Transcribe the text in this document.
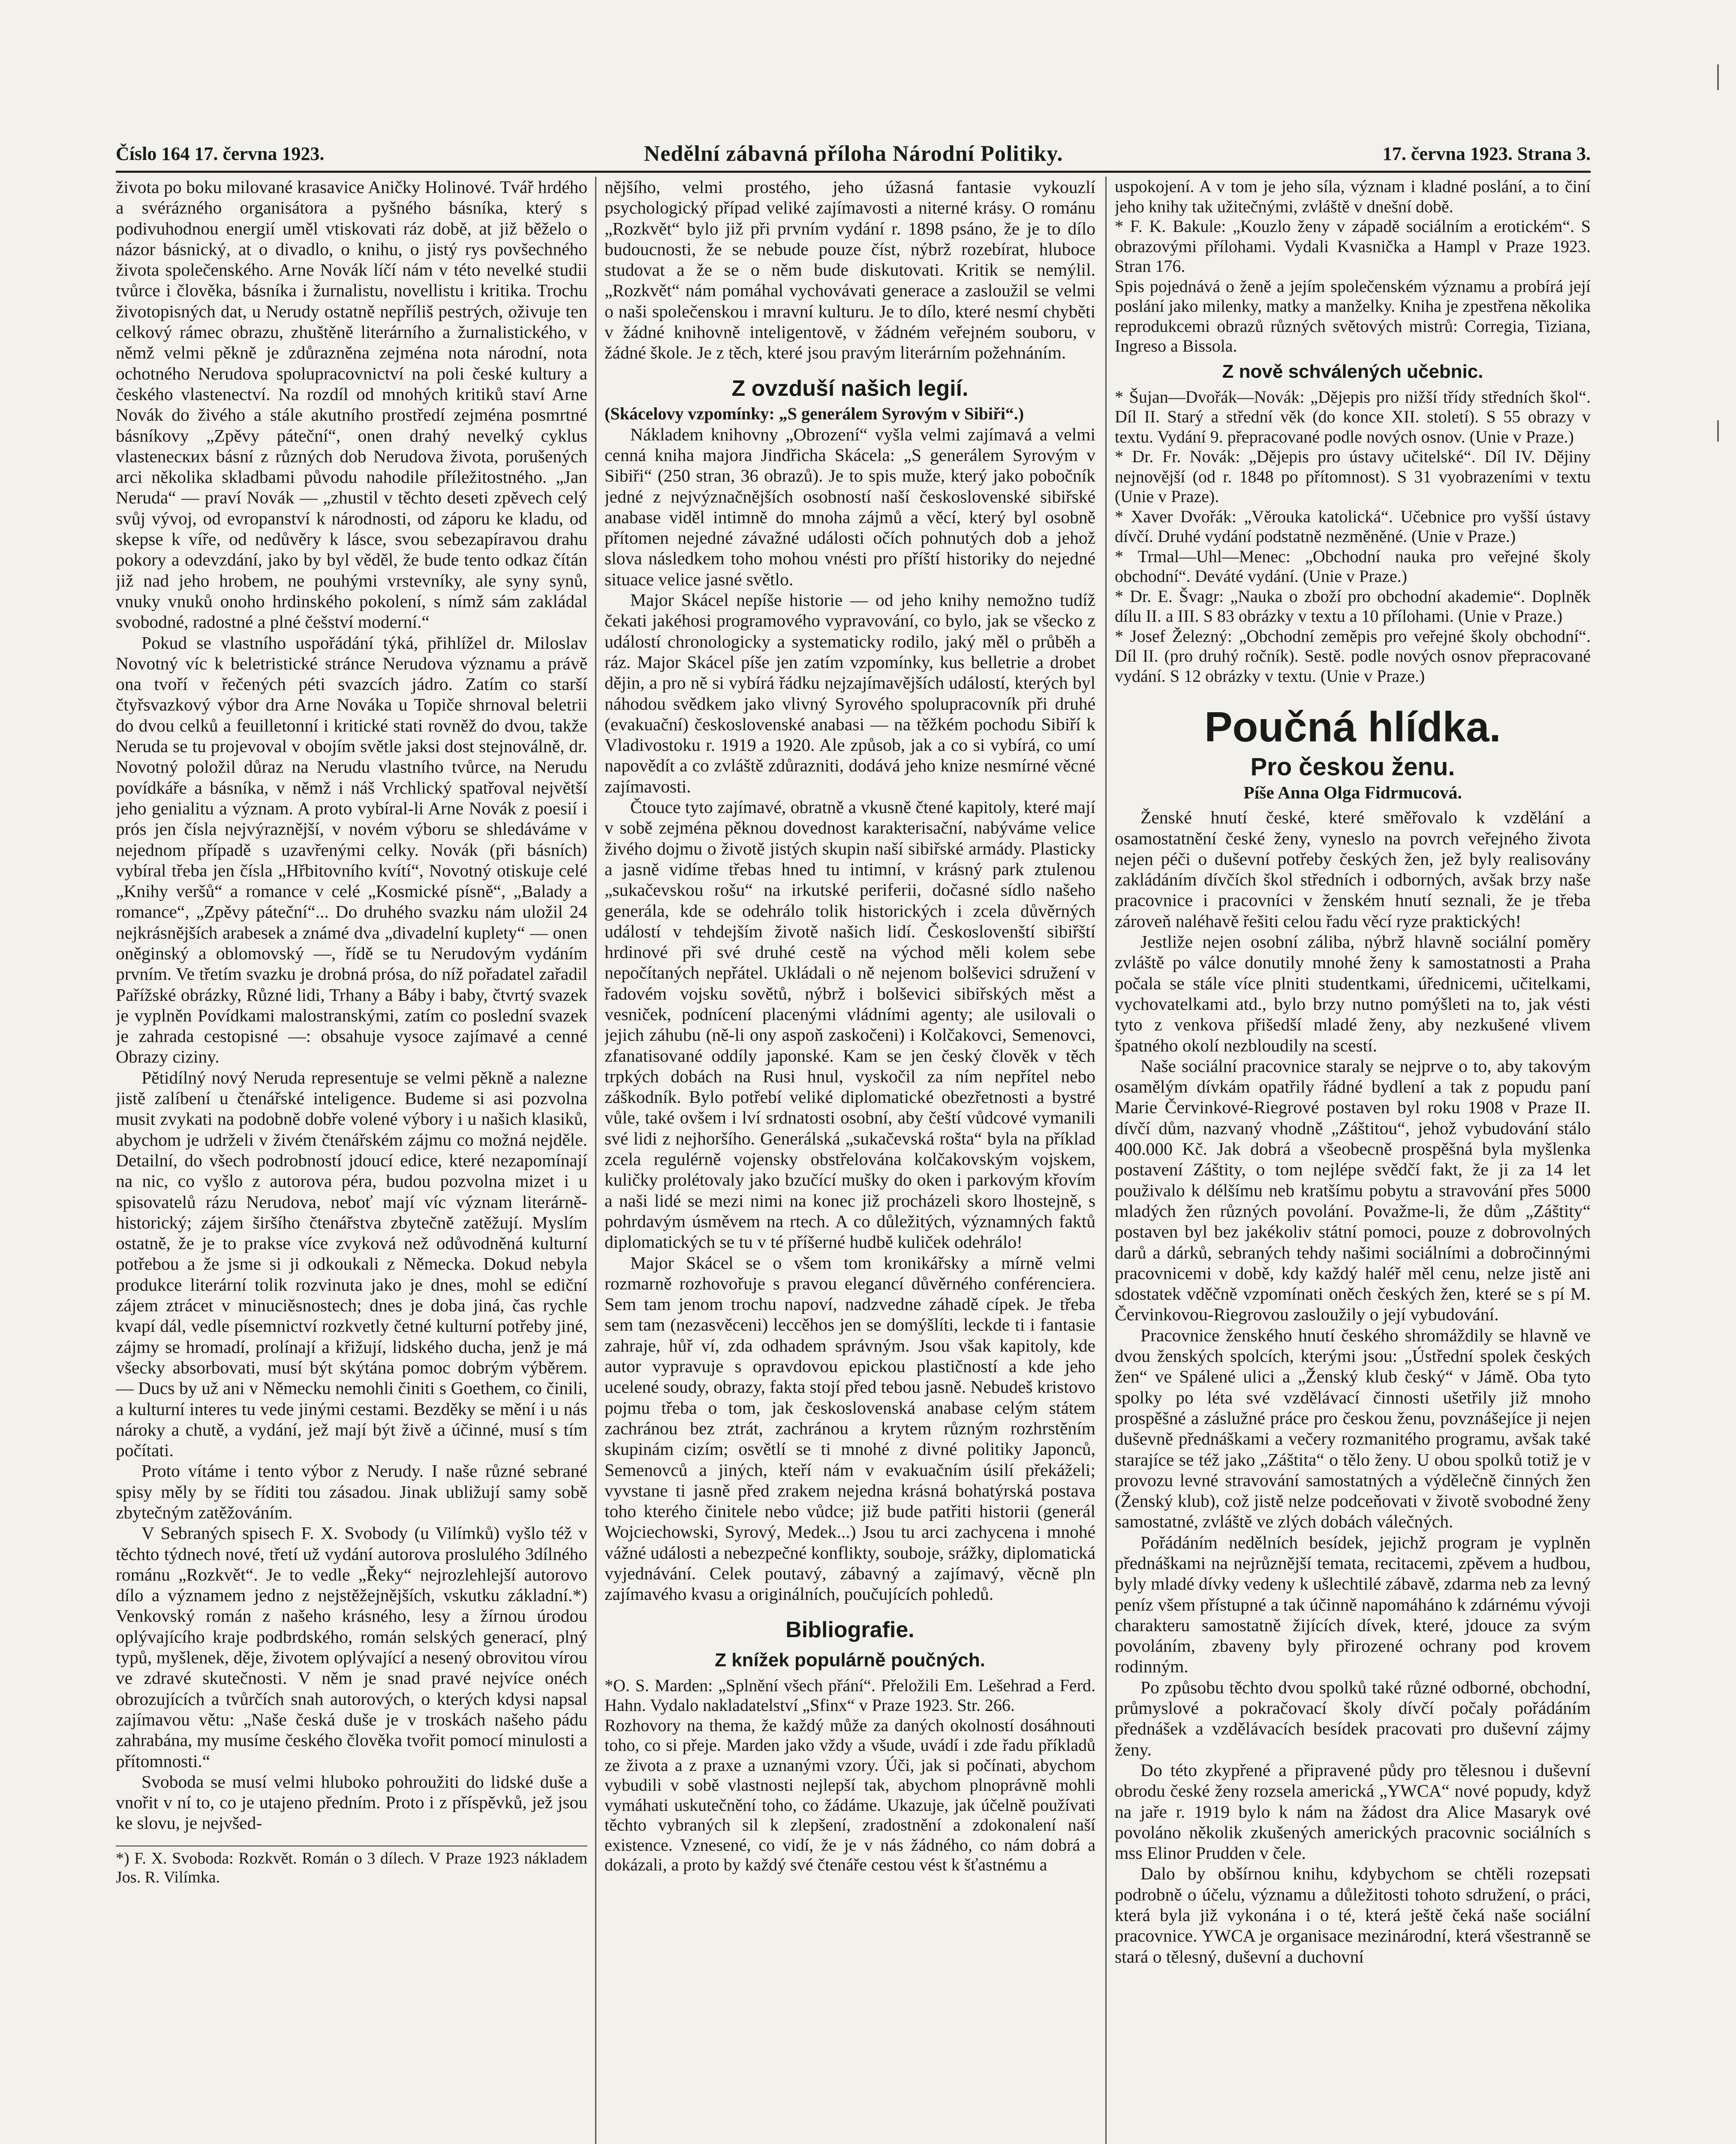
Číslo 164 17. června 1923.	Nedělní zábavná příloha Národní Politiky.	17. června 1923. Strana 3.

života po boku milované krasavice Aničky Holinové. Tvář hrdého a svérázného organisátora a pyšného básníka, který s podivuhodnou energií uměl vtiskovati ráz době, at již běželo o názor básnický, at o divadlo, o knihu, o jistý rys povšechného života společenského. Arne Novák líčí nám v této nevelké studii tvůrce i člověka, básníka i žurnalistu, novellistu i kritika. Trochu životopisných dat, u Nerudy ostatně nepříliš pestrých, oživuje ten celkový rámec obrazu, zhuštěně literárního a žurnalistického, v němž velmi pěkně je zdůrazněna zejména nota národní, nota ochotného Nerudova spolupracovnictví na poli české kultury a českého vlastenectví. Na rozdíl od mnohých kritiků staví Arne Novák do živého a stále akutního prostředí zejména posmrtné básníkovy „Zpěvy páteční“, onen drahý nevelký cyklus vlastenecких básní z různých dob Nerudova života, porušených arci několika skladbami původu nahodile příležitostného. „Jan Neruda“ — praví Novák — „zhustil v těchto deseti zpěvech celý svůj vývoj, od evropanství k národnosti, od záporu ke kladu, od skepse k víře, od nedůvěry k lásce, svou sebezapíravou drahu pokory a odevzdání, jako by byl věděl, že bude tento odkaz čítán již nad jeho hrobem, ne pouhými vrstevníky, ale syny synů, vnuky vnuků onoho hrdinského pokolení, s nímž sám zakládal svobodné, radostné a plné češství moderní.“

Pokud se vlastního uspořádání týká, přihlížel dr. Miloslav Novotný víc k beletristické stránce Nerudova významu a právě ona tvoří v řečených péti svazcích jádro. Zatím co starší čtyřsvazkový výbor dra Arne Nováka u Topiče shrnoval beletrii do dvou celků a feuilletonní i kritické stati rovněž do dvou, takže Neruda se tu projevoval v obojím světle jaksi dost stejnoválně, dr. Novotný položil důraz na Nerudu vlastního tvůrce, na Nerudu povídkáře a básníka, v němž i náš Vrchlický spatřoval největší jeho genialitu a význam. A proto vybíral-li Arne Novák z poesií i prós jen čísla nejvýraznější, v novém výboru se shledáváme v nejednom případě s uzavřenými celky. Novák (při básních) vybíral třeba jen čísla „Hřbitovního kvítí“, Novotný otiskuje celé „Knihy veršů“ a romance v celé „Kosmické písně“, „Balady a romance“, „Zpěvy páteční“... Do druhého svazku nám uložil 24 nejkrásnějších arabesek a známé dva „divadelní kuplety“ — onen oněginský a oblomovský —, řídě se tu Nerudovým vydáním prvním. Ve třetím svazku je drobná prósa, do níž pořadatel zařadil Pařížské obrázky, Různé lidi, Trhany a Báby i baby, čtvrtý svazek je vyplněn Povídkami malostranskými, zatím co poslední svazek je zahrada cestopisné —: obsahuje vysoce zajímavé a cenné Obrazy ciziny.

Pětidílný nový Neruda representuje se velmi pěkně a nalezne jistě zalíbení u čtenářské inteligence. Budeme si asi pozvolna musit zvykati na podobně dobře volené výbory i u našich klasiků, abychom je udrželi v živém čtenářském zájmu co možná nejděle. Detailní, do všech podrobností jdoucí edice, které nezapomínají na nic, co vyšlo z autorova péra, budou pozvolna mizet i u spisovatelů rázu Nerudova, neboť mají víc význam literárně-historický; zájem širšího čtenářstva zbytečně zatěžují. Myslím ostatně, že je to prakse více zvyková než odůvodněná kulturní potřebou a že jsme si ji odkoukali z Německa. Dokud nebyla produkce literární tolik rozvinuta jako je dnes, mohl se ediční zájem ztrácet v minuciěsnostech; dnes je doba jiná, čas rychle kvapí dál, vedle písemnictví rozkvetly četné kulturní potřeby jiné, zájmy se hromadí, prolínají a křižují, lidského ducha, jenž je má všecky absorbovati, musí být skýtána pomoc dobrým výběrem. — Ducs by už ani v Německu nemohli činiti s Goethem, co činili, a kulturní interes tu vede jinými cestami. Bezděky se mění i u nás nároky a chutě, a vydání, jež mají být živě a účinné, musí s tím počítati.

Proto vítáme i tento výbor z Nerudy. I naše různé sebrané spisy měly by se říditi tou zásadou. Jinak ubližují samy sobě zbytečným zatěžováním.

V Sebraných spisech F. X. Svobody (u Vilímků) vyšlo též v těchto týdnech nové, třetí už vydání autorova proslulého 3dílného románu „Rozkvět“. Je to vedle „Řeky“ nejrozlehlejší autorovo dílo a významem jedno z nejstěžejnějších, vskutku základní.*) Venkovský román z našeho krásného, lesy a žírnou úrodou oplývajícího kraje podbrdského, román selských generací, plný typů, myšlenek, děje, životem oplývající a nesený obrovitou vírou ve zdravé skutečnosti. V něm je snad pravé nejvíce onéch obrozujících a tvůrčích snah autorových, o kterých kdysi napsal zajímavou větu: „Naše česká duše je v troskách našeho pádu zahrabána, my musíme českého člověka tvořit pomocí minulosti a přítomnosti.“

Svoboda se musí velmi hluboko pohroužiti do lidské duše a vnořit v ní to, co je utajeno předním. Proto i z příspěvků, jež jsou ke slovu, je nejvšed-

*) F. X. Svoboda: Rozkvět. Román o 3 dílech. V Praze 1923 nákladem Jos. R. Vilímka.

nějšího, velmi prostého, jeho úžasná fantasie vykouzlí psychologický případ veliké zajímavosti a niterné krásy. O románu „Rozkvět“ bylo již při prvním vydání r. 1898 psáno, že je to dílo budoucnosti, že se nebude pouze číst, nýbrž rozebírat, hluboce studovat a že se o něm bude diskutovati. Kritik se nemýlil. „Rozkvět“ nám pomáhal vychovávati generace a zasloužil se velmi o naši společenskou i mravní kulturu. Je to dílo, které nesmí chyběti v žádné knihovně inteligentově, v žádném veřejném souboru, v žádné škole. Je z těch, které jsou pravým literárním požehnáním.

Z ovzduší našich legií.

(Skácelovy vzpomínky: „S generálem Syrovým v Sibiři“.)

Nákladem knihovny „Obrození“ vyšla velmi zajímavá a velmi cenná kniha majora Jindřicha Skácela: „S generálem Syrovým v Sibiři“ (250 stran, 36 obrazů). Je to spis muže, který jako pobočník jedné z nejvýznačnějších osobností naší československé sibiřské anabase viděl intimně do mnoha zájmů a věcí, který byl osobně přítomen nejedné závažné události očích pohnutých dob a jehož slova následkem toho mohou vnésti pro příští historiky do nejedné situace velice jasné světlo.

Major Skácel nepíše historie — od jeho knihy nemožno tudíž čekati jakéhosi programového vypravování, co bylo, jak se všecko z událostí chronologicky a systematicky rodilo, jaký měl o průběh a ráz. Major Skácel píše jen zatím vzpomínky, kus belletrie a drobet dějin, a pro ně si vybírá řádku nejzajímavějších událostí, kterých byl náhodou svědkem jako vlivný Syrového spolupracovník při druhé (evakuační) československé anabasi — na těžkém pochodu Sibiří k Vladivostoku r. 1919 a 1920. Ale způsob, jak a co si vybírá, co umí napovědít a co zvláště zdůrazniti, dodává jeho knize nesmírné věcné zajímavosti.

Čtouce tyto zajímavé, obratně a vkusně čtené kapitoly, které mají v sobě zejména pěknou dovednost karakterisační, nabýváme velice živého dojmu o životě jistých skupin naší sibiřské armády. Plasticky a jasně vidíme třebas hned tu intimní, v krásný park ztulenou „sukačevskou rošu“ na irkutské periferii, dočasné sídlo našeho generála, kde se odehrálo tolik historických i zcela důvěrných událostí v tehdejším životě našich lidí. Českoslovenští sibiřští hrdinové při své druhé cestě na východ měli kolem sebe nepočítaných nepřátel. Ukládali o ně nejenom bolševici sdružení v řadovém vojsku sovětů, nýbrž i bolševici sibiřských měst a vesniček, podnícení placenými vládními agenty; ale usilovali o jejich záhubu (ně-li ony aspoň zaskočeni) i Kolčakovci, Semenovci, zfanatisované oddíly japonské. Kam se jen český člověk v těch trpkých dobách na Rusi hnul, vyskočil za ním nepřítel nebo záškodník. Bylo potřebí veliké diplomatické obezřetnosti a bystré vůle, také ovšem i lví srdnatosti osobní, aby čeští vůdcové vymanili své lidi z nejhoršího. Generálská „sukačevská rošta“ byla na příklad zcela regulérně vojensky obstřelována kolčakovským vojskem, kuličky prolétovaly jako bzučící mušky do oken i parkovým křovím a naši lidé se mezi nimi na konec již procházeli skoro lhostejně, s pohrdavým úsměvem na rtech. A co důležitých, významných faktů diplomatických se tu v té příšerné hudbě kuliček odehrálo!

Major Skácel se o všem tom kronikářsky a mírně velmi rozmarně rozhovořuje s pravou elegancí důvěrného conférenciera. Sem tam jenom trochu napoví, nadzvedne záhadě cípek. Je třeba sem tam (nezasvěceni) leccěhos jen se domýšlíti, leckde ti i fantasie zahraje, hůř ví, zda odhadem správným. Jsou však kapitoly, kde autor vypravuje s opravdovou epickou plastičností a kde jeho ucelené soudy, obrazy, fakta stojí před tebou jasně. Nebudeš kristovo pojmu třeba o tom, jak československá anabase celým státem zachránou bez ztrát, zachránou a krytem různým rozhrstěním skupinám cizím; osvětlí se ti mnohé z divné politiky Japonců, Semenovců a jiných, kteří nám v evakuačním úsilí překáželi; vyvstane ti jasně před zrakem nejedna krásná bohatýrská postava toho kterého činitele nebo vůdce; již bude patřiti historii (generál Wojciechowski, Syrový, Medek...) Jsou tu arci zachycena i mnohé vážné události a nebezpečné konflikty, souboje, srážky, diplomatická vyjednávání. Celek poutavý, zábavný a zajímavý, věcně pln zajímavého kvasu a originálních, poučujících pohledů.

Bibliografie.
Z knížek populárně poučných.

*O. S. Marden: „Splnění všech přání“. Přeložili Em. Lešehrad a Ferd. Hahn. Vydalo nakladatelství „Sfinx“ v Praze 1923. Str. 266.

Rozhovory na thema, že každý může za daných okolností dosáhnouti toho, co si přeje. Marden jako vždy a všude, uvádí i zde řadu příkladů ze života a z praxe a uznanými vzory. Úči, jak si počínati, abychom vybudili v sobě vlastnosti nejlepší tak, abychom plnoprávně mohli vymáhati uskutečnění toho, co žádáme. Ukazuje, jak účelně používati těchto vybraných sil k zlepšení, zradostnění a zdokonalení naší existence. Vznesené, co vidí, že je v nás žádného, co nám dobrá a dokázali, a proto by každý své čtenáře cestou vést k šťastnému a

uspokojení. A v tom je jeho síla, význam i kladné poslání, a to činí jeho knihy tak užitečnými, zvláště v dnešní době.

* F. K. Bakule: „Kouzlo ženy v západě sociálním a erotickém“. S obrazovými přílohami. Vydali Kvasnička a Hampl v Praze 1923. Stran 176.

Spis pojednává o ženě a jejím společenském významu a probírá její poslání jako milenky, matky a manželky. Kniha je zpestřena několika reprodukcemi obrazů různých světových mistrů: Corregia, Tiziana, Ingreso a Bissola.

Z nově schválených učebnic.

* Šujan—Dvořák—Novák: „Dějepis pro nižší třídy středních škol“. Díl II. Starý a střední věk (do konce XII. století). S 55 obrazy v textu. Vydání 9. přepracované podle nových osnov. (Unie v Praze.)

* Dr. Fr. Novák: „Dějepis pro ústavy učitelské“. Díl IV. Dějiny nejnovější (od r. 1848 po přítomnost). S 31 vyobrazeními v textu (Unie v Praze).

* Xaver Dvořák: „Věrouka katolická“. Učebnice pro vyšší ústavy dívčí. Druhé vydání podstatně nezměněné. (Unie v Praze.)

* Trmal—Uhl—Menec: „Obchodní nauka pro veřejné školy obchodní“. Deváté vydání. (Unie v Praze.)

* Dr. E. Švagr: „Nauka o zboží pro obchodní akademie“. Doplněk dílu II. a III. S 83 obrázky v textu a 10 přílohami. (Unie v Praze.)

* Josef Železný: „Obchodní zeměpis pro veřejné školy obchodní“. Díl II. (pro druhý ročník). Sestě. podle nových osnov přepracované vydání. S 12 obrázky v textu. (Unie v Praze.)

Poučná hlídka.
Pro českou ženu.

Píše Anna Olga Fidrmucová.

Ženské hnutí české, které směřovalo k vzdělání a osamostatnění české ženy, vyneslo na povrch veřejného života nejen péči o duševní potřeby českých žen, jež byly realisovány zakládáním dívčích škol středních i odborných, avšak brzy naše pracovnice i pracovníci v ženském hnutí seznali, že je třeba zároveň naléhavě řešiti celou řadu věcí ryze praktických!

Jestliže nejen osobní záliba, nýbrž hlavně sociální poměry zvláště po válce donutily mnohé ženy k samostatnosti a Praha počala se stále více plniti studentkami, úřednicemi, učitelkami, vychovatelkami atd., bylo brzy nutno pomýšleti na to, jak vésti tyto z venkova přišedší mladé ženy, aby nezkušené vlivem špatného okolí nezbloudily na scestí.

Naše sociální pracovnice staraly se nejprve o to, aby takovým osamělým dívkám opatřily řádné bydlení a tak z popudu paní Marie Červinkové-Riegrové postaven byl roku 1908 v Praze II. dívčí dům, nazvaný vhodně „Záštitou“, jehož vybudování stálo 400.000 Kč. Jak dobrá a všeobecně prospěšná byla myšlenka postavení Záštity, o tom nejlépe svědčí fakt, že ji za 14 let použivalo k délšímu neb kratšímu pobytu a stravování přes 5000 mladých žen různých povolání. Považme-li, že dům „Záštity“ postaven byl bez jakékoliv státní pomoci, pouze z dobrovolných darů a dárků, sebraných tehdy našimi sociálními a dobročinnými pracovnicemi v době, kdy každý haléř měl cenu, nelze jistě ani sdostatek vděčně vzpomínati oněch českých žen, které se s pí M. Červinkovou-Riegrovou zasloužily o její vybudování.

Pracovnice ženského hnutí českého shromáždily se hlavně ve dvou ženských spolcích, kterými jsou: „Ústřední spolek českých žen“ ve Spálené ulici a „Ženský klub český“ v Jámě. Oba tyto spolky po léta své vzdělávací činnosti ušetřily již mnoho prospěšné a záslužné práce pro českou ženu, povznášejíce ji nejen duševně přednáškami a večery rozmanitého programu, avšak také starajíce se též jako „Záštita“ o tělo ženy. U obou spolků totiž je v provozu levné stravování samostatných a výdělečně činných žen (Ženský klub), což jistě nelze podceňovati v životě svobodné ženy samostatné, zvláště ve zlých dobách válečných.

Pořádáním nedělních besídek, jejichž program je vyplněn přednáškami na nejrůznější temata, recitacemi, zpěvem a hudbou, byly mladé dívky vedeny k ušlechtilé zábavě, zdarma neb za levný peníz všem přístupné a tak účinně napomáháno k zdárnému vývoji charakteru samostatně žijících dívek, které, jdouce za svým povoláním, zbaveny byly přirozené ochrany pod krovem rodinným.

Po způsobu těchto dvou spolků také různé odborné, obchodní, průmyslové a pokračovací školy dívčí počaly pořádáním přednášek a vzdělávacích besídek pracovati pro duševní zájmy ženy.

Do této zkypřené a připravené půdy pro tělesnou i duševní obrodu české ženy rozsela americká „YWCA“ nové popudy, když na jaře r. 1919 bylo k nám na žádost dra Alice Masaryk ové povoláno několik zkušených amerických pracovnic sociálních s mss Elinor Prudden v čele.

Dalo by obšírnou knihu, kdybychom se chtěli rozepsati podrobně o účelu, významu a důležitosti tohoto sdružení, o práci, která byla již vykonána i o té, která ještě čeká naše sociální pracovnice. YWCA je organisace mezinárodní, která všestranně se stará o tělesný, duševní a duchovní
